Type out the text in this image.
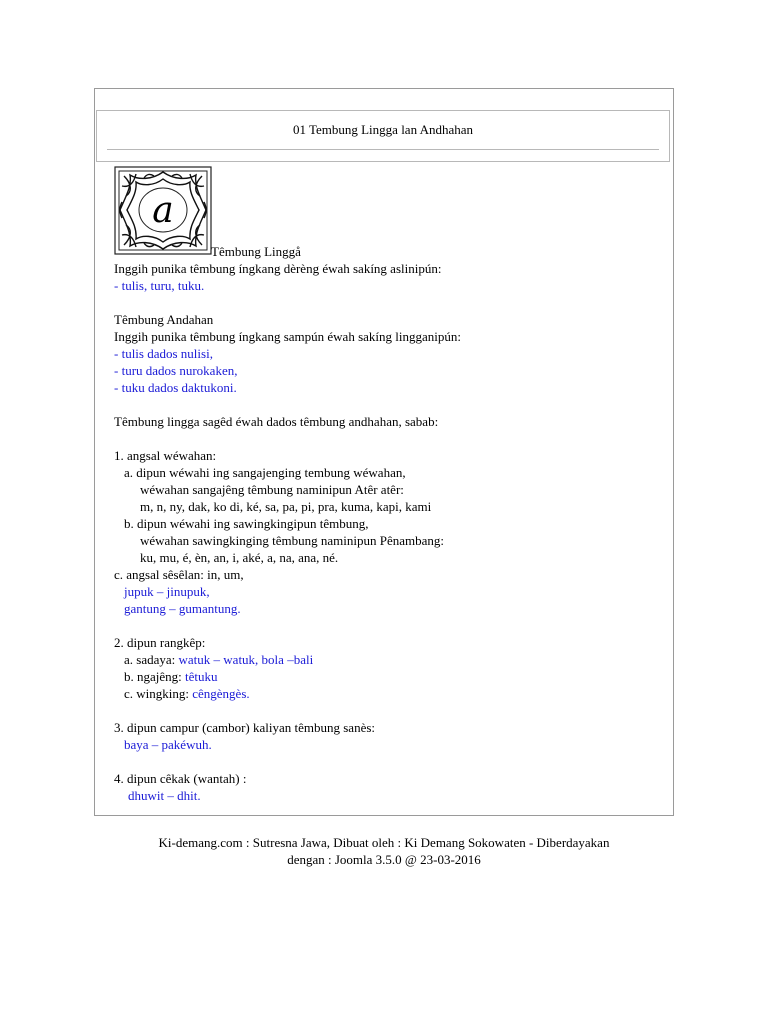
01 Tembung Lingga lan Andhahan
a
Têmbung Linggå
Inggih punika têmbung íngkang dèrèng éwah sakíng aslinipún:
- tulis, turu, tuku.
Têmbung Andahan
Inggih punika têmbung íngkang sampún éwah sakíng lingganipún:
- tulis dados nulisi,
- turu dados nurokaken,
- tuku dados daktukoni.
Têmbung lingga sagêd éwah dados têmbung andhahan, sabab:
1. angsal wéwahan:
a. dipun wéwahi ing sangajenging tembung wéwahan,
wéwahan sangajêng têmbung naminipun Atêr atêr:
m, n, ny, dak, ko di, ké, sa, pa, pi, pra, kuma, kapi, kami
b. dipun wéwahi ing sawingkingipun têmbung,
wéwahan sawingkinging têmbung naminipun Pênambang:
ku, mu, é, èn, an, i, aké, a, na, ana, né.
c. angsal sêsêlan: in, um,
jupuk – jinupuk,
gantung – gumantung.
2. dipun rangkêp:
a. sadaya: watuk – watuk, bola –bali
b. ngajêng: têtuku
c. wingking: cêngèngès.
3. dipun campur (cambor) kaliyan têmbung sanès:
baya – pakéwuh.
4. dipun cêkak (wantah) :
dhuwit – dhit.
Ki-demang.com : Sutresna Jawa, Dibuat oleh : Ki Demang Sokowaten - Diberdayakan
dengan : Joomla 3.5.0 @ 23-03-2016
